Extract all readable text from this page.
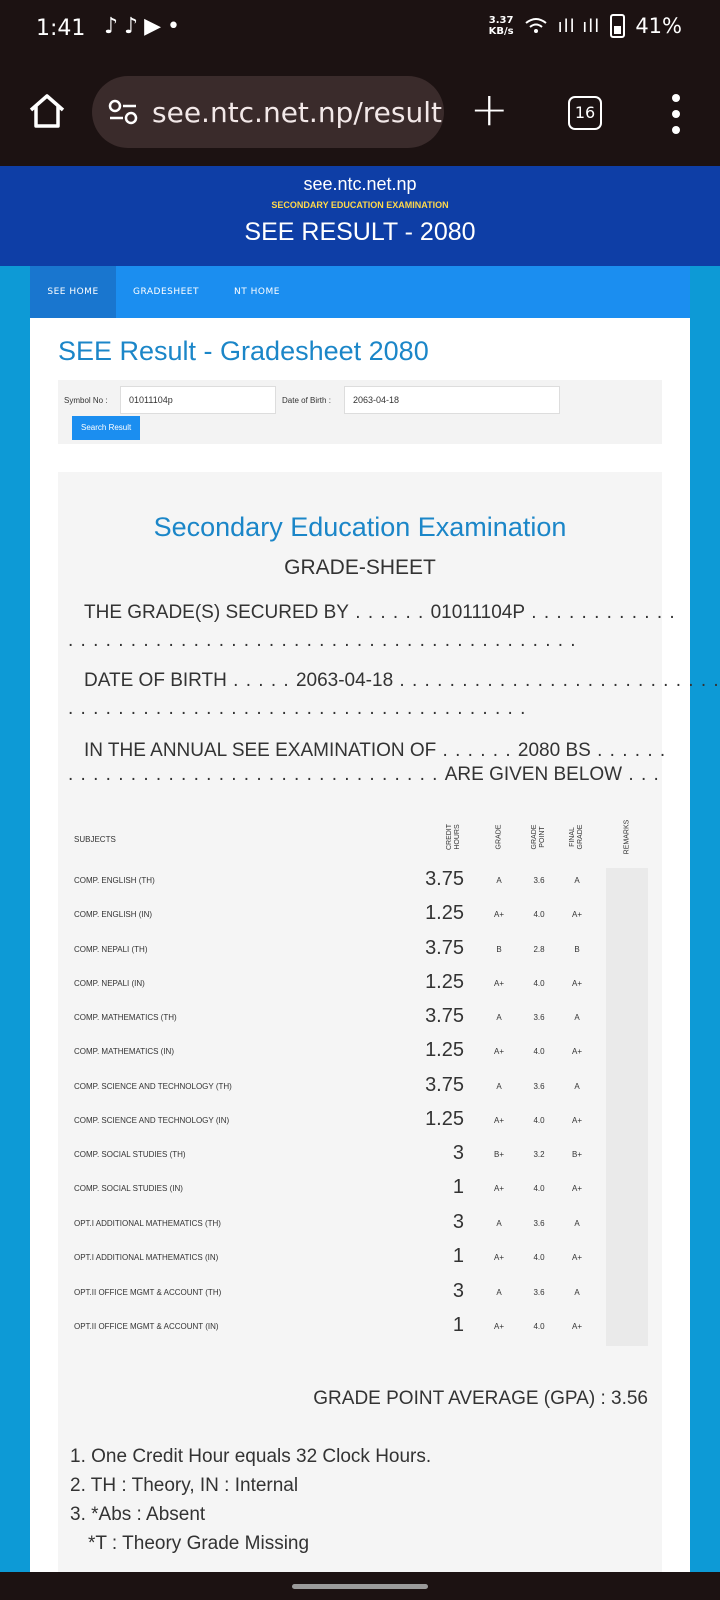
1:41 ♪♪▶•	3.37
KB/s ıll ıll 41%
see.ntc.net.np/result +	16
see.ntc.net.np
SECONDARY EDUCATION EXAMINATION
SEE RESULT - 2080
SEE HOME	GRADESHEET	NT HOME
SEE Result - Gradesheet 2080
Symbol No :	01011104p	Date of Birth :	2063-04-18
Search Result
Secondary Education Examination
GRADE-SHEET
THE GRADE(S) SECURED BY . . . . . . 01011104P . . . . . . . . . . . .
. . . . . . . . . . . . . . . . . . . . . . . . . . . . . . . . . . . . . . . . .
DATE OF BIRTH . . . . . 2063-04-18 . . . . . . . . . . . . . . . . . . . . . . . . . .
. . . . . . . . . . . . . . . . . . . . . . . . . . . . . . . . . . . . .
IN THE ANNUAL SEE EXAMINATION OF . . . . . . 2080 BS . . . . . .
. . . . . . . . . . . . . . . . . . . . . . . . . . . . . . ARE GIVEN BELOW . . .
SUBJECTS	CREDIT HOURS	GRADE	GRADE POINT	FINAL GRADE	REMARKS
COMP. ENGLISH (TH)	3.75	A	3.6	A
COMP. ENGLISH (IN)	1.25	A+	4.0	A+
COMP. NEPALI (TH)	3.75	B	2.8	B
COMP. NEPALI (IN)	1.25	A+	4.0	A+
COMP. MATHEMATICS (TH)	3.75	A	3.6	A
COMP. MATHEMATICS (IN)	1.25	A+	4.0	A+
COMP. SCIENCE AND TECHNOLOGY (TH)	3.75	A	3.6	A
COMP. SCIENCE AND TECHNOLOGY (IN)	1.25	A+	4.0	A+
COMP. SOCIAL STUDIES (TH)	3	B+	3.2	B+
COMP. SOCIAL STUDIES (IN)	1	A+	4.0	A+
OPT.I ADDITIONAL MATHEMATICS (TH)	3	A	3.6	A
OPT.I ADDITIONAL MATHEMATICS (IN)	1	A+	4.0	A+
OPT.II OFFICE MGMT & ACCOUNT (TH)	3	A	3.6	A
OPT.II OFFICE MGMT & ACCOUNT (IN)	1	A+	4.0	A+
GRADE POINT AVERAGE (GPA) : 3.56
1. One Credit Hour equals 32 Clock Hours.
2. TH : Theory, IN : Internal
3. *Abs : Absent
*T : Theory Grade Missing
